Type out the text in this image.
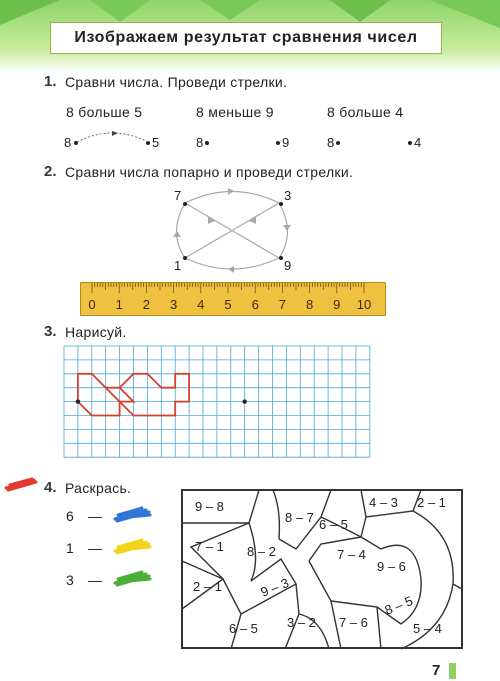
Изображаем результат сравнения чисел
1. Сравни числа. Проведи стрелки.
8 больше 5	8 меньше 9	8 больше 4
8	5	8	9	8	4
2. Сравни числа попарно и проведи стрелки.
7	3
1	9
0 1 2 3 4 5 6 7 8 9 10
3. Нарисуй.
4. Раскрась.
6 —
1 —
3 —
9 – 8
8 – 7 6 – 5
4 – 3 2 – 1
7 – 1 8 – 2	7 – 4
9 – 6
2 – 1	9 – 3
6 – 5 3 – 2 7 – 6
8 – 5
5 – 4
7
